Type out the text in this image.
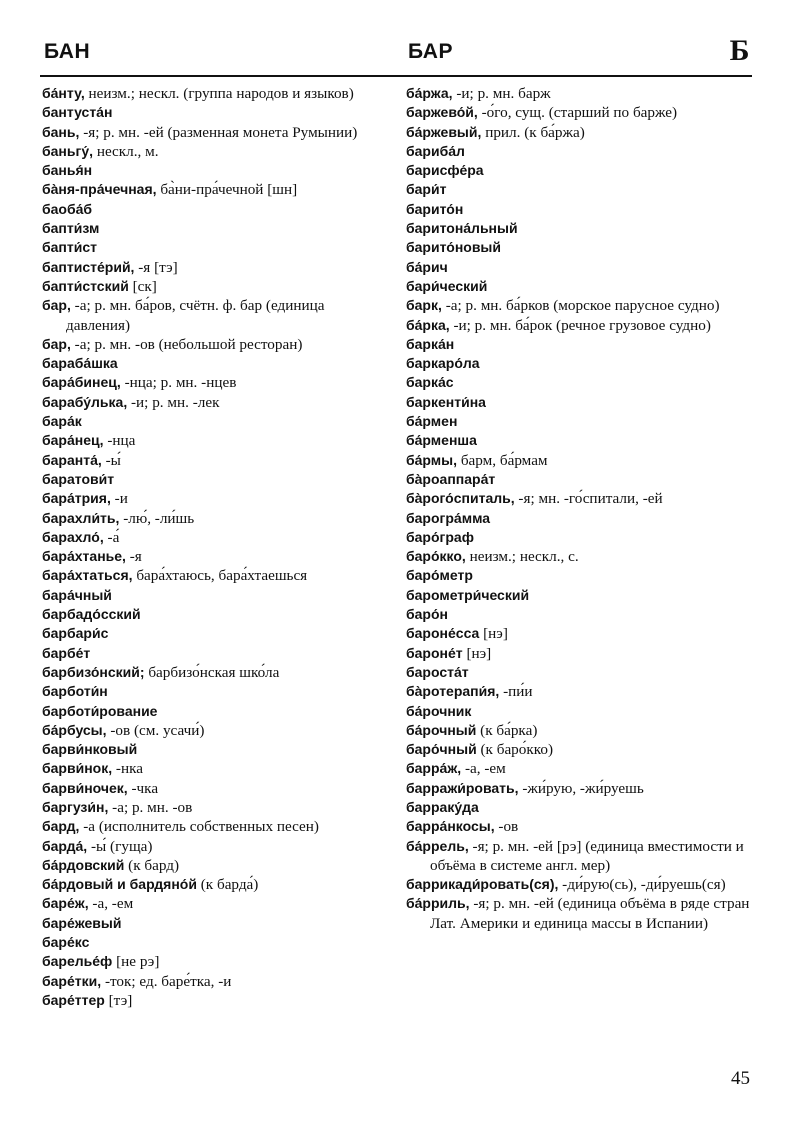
БАН	БАР	Б
ба́нту, неизм.; нескл. (группа народов и языков)
бантуста́н
бань, -я; р. мн. -ей (разменная монета Румынии)
баньгу́, нескл., м.
банья́н
ба̀ня-пра́чечная, ба̀ни-пра́чечной [шн]
баоба́б
бапти́зм
бапти́ст
баптисте́рий, -я [тэ]
бапти́стский [ск]
бар, -а; р. мн. ба́ров, счётн. ф. бар (единица давления)
бар, -а; р. мн. -ов (небольшой ресторан)
бараба́шка
бара́бинец, -нца; р. мн. -нцев
барабу́лька, -и; р. мн. -лек
бара́к
бара́нец, -нца
баранта́, -ы́
баратови́т
бара́трия, -и
барахли́ть, -лю́, -ли́шь
барахло́, -а́
бара́хтанье, -я
бара́хтаться, бара́хтаюсь, бара́хтаешься
бара́чный
барбадо́сский
барбари́с
барбе́т
барбизо́нский; барбизо́нская шко́ла
барботи́н
барботи́рование
ба́рбусы, -ов (см. усачи́)
барви́нковый
барви́нок, -нка
барви́ночек, -чка
баргузи́н, -а; р. мн. -ов
бард, -а (исполнитель собственных песен)
барда́, -ы́ (гуща)
ба́рдовский (к бард)
ба́рдовый и бардяно́й (к барда́)
баре́ж, -а, -ем
баре́жевый
баре́кс
барелье́ф [не рэ]
баре́тки, -ток; ед. баре́тка, -и
баре́ттер [тэ]
ба́ржа, -и; р. мн. барж
баржево́й, -о́го, сущ. (старший по барже)
ба́ржевый, прил. (к ба́ржа)
бариба́л
барисфе́ра
бари́т
барито́н
баритона́льный
барито́новый
ба́рич
бари́ческий
барк, -а; р. мн. ба́рков (морское парусное судно)
ба́рка, -и; р. мн. ба́рок (речное грузовое судно)
барка́н
баркаро́ла
барка́с
баркенти́на
ба́рмен
ба́рменша
ба́рмы, барм, ба́рмам
ба̀роаппара́т
ба̀рого́спиталь, -я; мн. -го́спитали, -ей
барогра́мма
баро́граф
баро́кко, неизм.; нескл., с.
баро́метр
барометри́ческий
баро́н
бароне́сса [нэ]
бароне́т [нэ]
бароста́т
ба̀ротерапи́я, -пи́и
ба́рочник
ба́рочный (к ба́рка)
баро́чный (к баро́кко)
барра́ж, -а, -ем
барражи́ровать, -жи́рую, -жи́руешь
барраку́да
барра́нкосы, -ов
ба́ррель, -я; р. мн. -ей [рэ] (единица вместимости и объёма в системе англ. мер)
баррикади́ровать(ся), -ди́рую(сь), -ди́руешь(ся)
ба́рриль, -я; р. мн. -ей (единица объёма в ряде стран Лат. Америки и единица массы в Испании)
45
